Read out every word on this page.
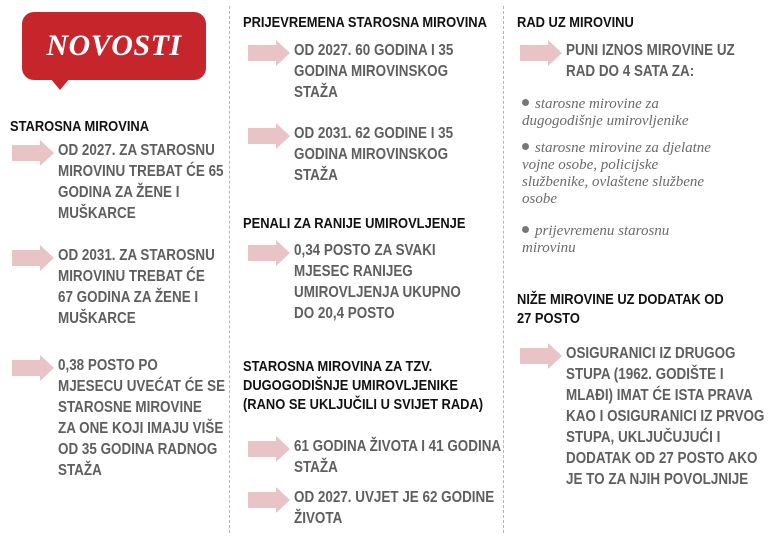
NOVOSTI
STAROSNA MIROVINA
OD 2027. ZA STAROSNU
MIROVINU TREBAT ĆE 65
GODINA ZA ŽENE I
MUŠKARCE
OD 2031. ZA STAROSNU
MIROVINU TREBAT ĆE
67 GODINA ZA ŽENE I
MUŠKARCE
0,38 POSTO PO
MJESECU UVEĆAT ĆE SE
STAROSNE MIROVINE
ZA ONE KOJI IMAJU VIŠE
OD 35 GODINA RADNOG
STAŽA
PRIJEVREMENA STAROSNA MIROVINA
OD 2027. 60 GODINA I 35
GODINA MIROVINSKOG
STAŽA
OD 2031. 62 GODINE I 35
GODINA MIROVINSKOG
STAŽA
PENALI ZA RANIJE UMIROVLJENJE
0,34 POSTO ZA SVAKI
MJESEC RANIJEG
UMIROVLJENJA UKUPNO
DO 20,4 POSTO
STAROSNA MIROVINA ZA TZV.
DUGOGODIŠNJE UMIROVLJENIKE
(RANO SE UKLJUČILI U SVIJET RADA)
61 GODINA ŽIVOTA I 41 GODINA
STAŽA
OD 2027. UVJET JE 62 GODINE
ŽIVOTA
RAD UZ MIROVINU
PUNI IZNOS MIROVINE UZ
RAD DO 4 SATA ZA:
starosne mirovine za
dugogodišnje umirovljenike
starosne mirovine za djelatne
vojne osobe, policijske
službenike, ovlaštene službene
osobe
prijevremenu starosnu
mirovinu
NIŽE MIROVINE UZ DODATAK OD
27 POSTO
OSIGURANICI IZ DRUGOG
STUPA (1962. GODIŠTE I
MLAĐI) IMAT ĆE ISTA PRAVA
KAO I OSIGURANICI IZ PRVOG
STUPA, UKLJUČUJUĆI I
DODATAK OD 27 POSTO AKO
JE TO ZA NJIH POVOLJNIJE
